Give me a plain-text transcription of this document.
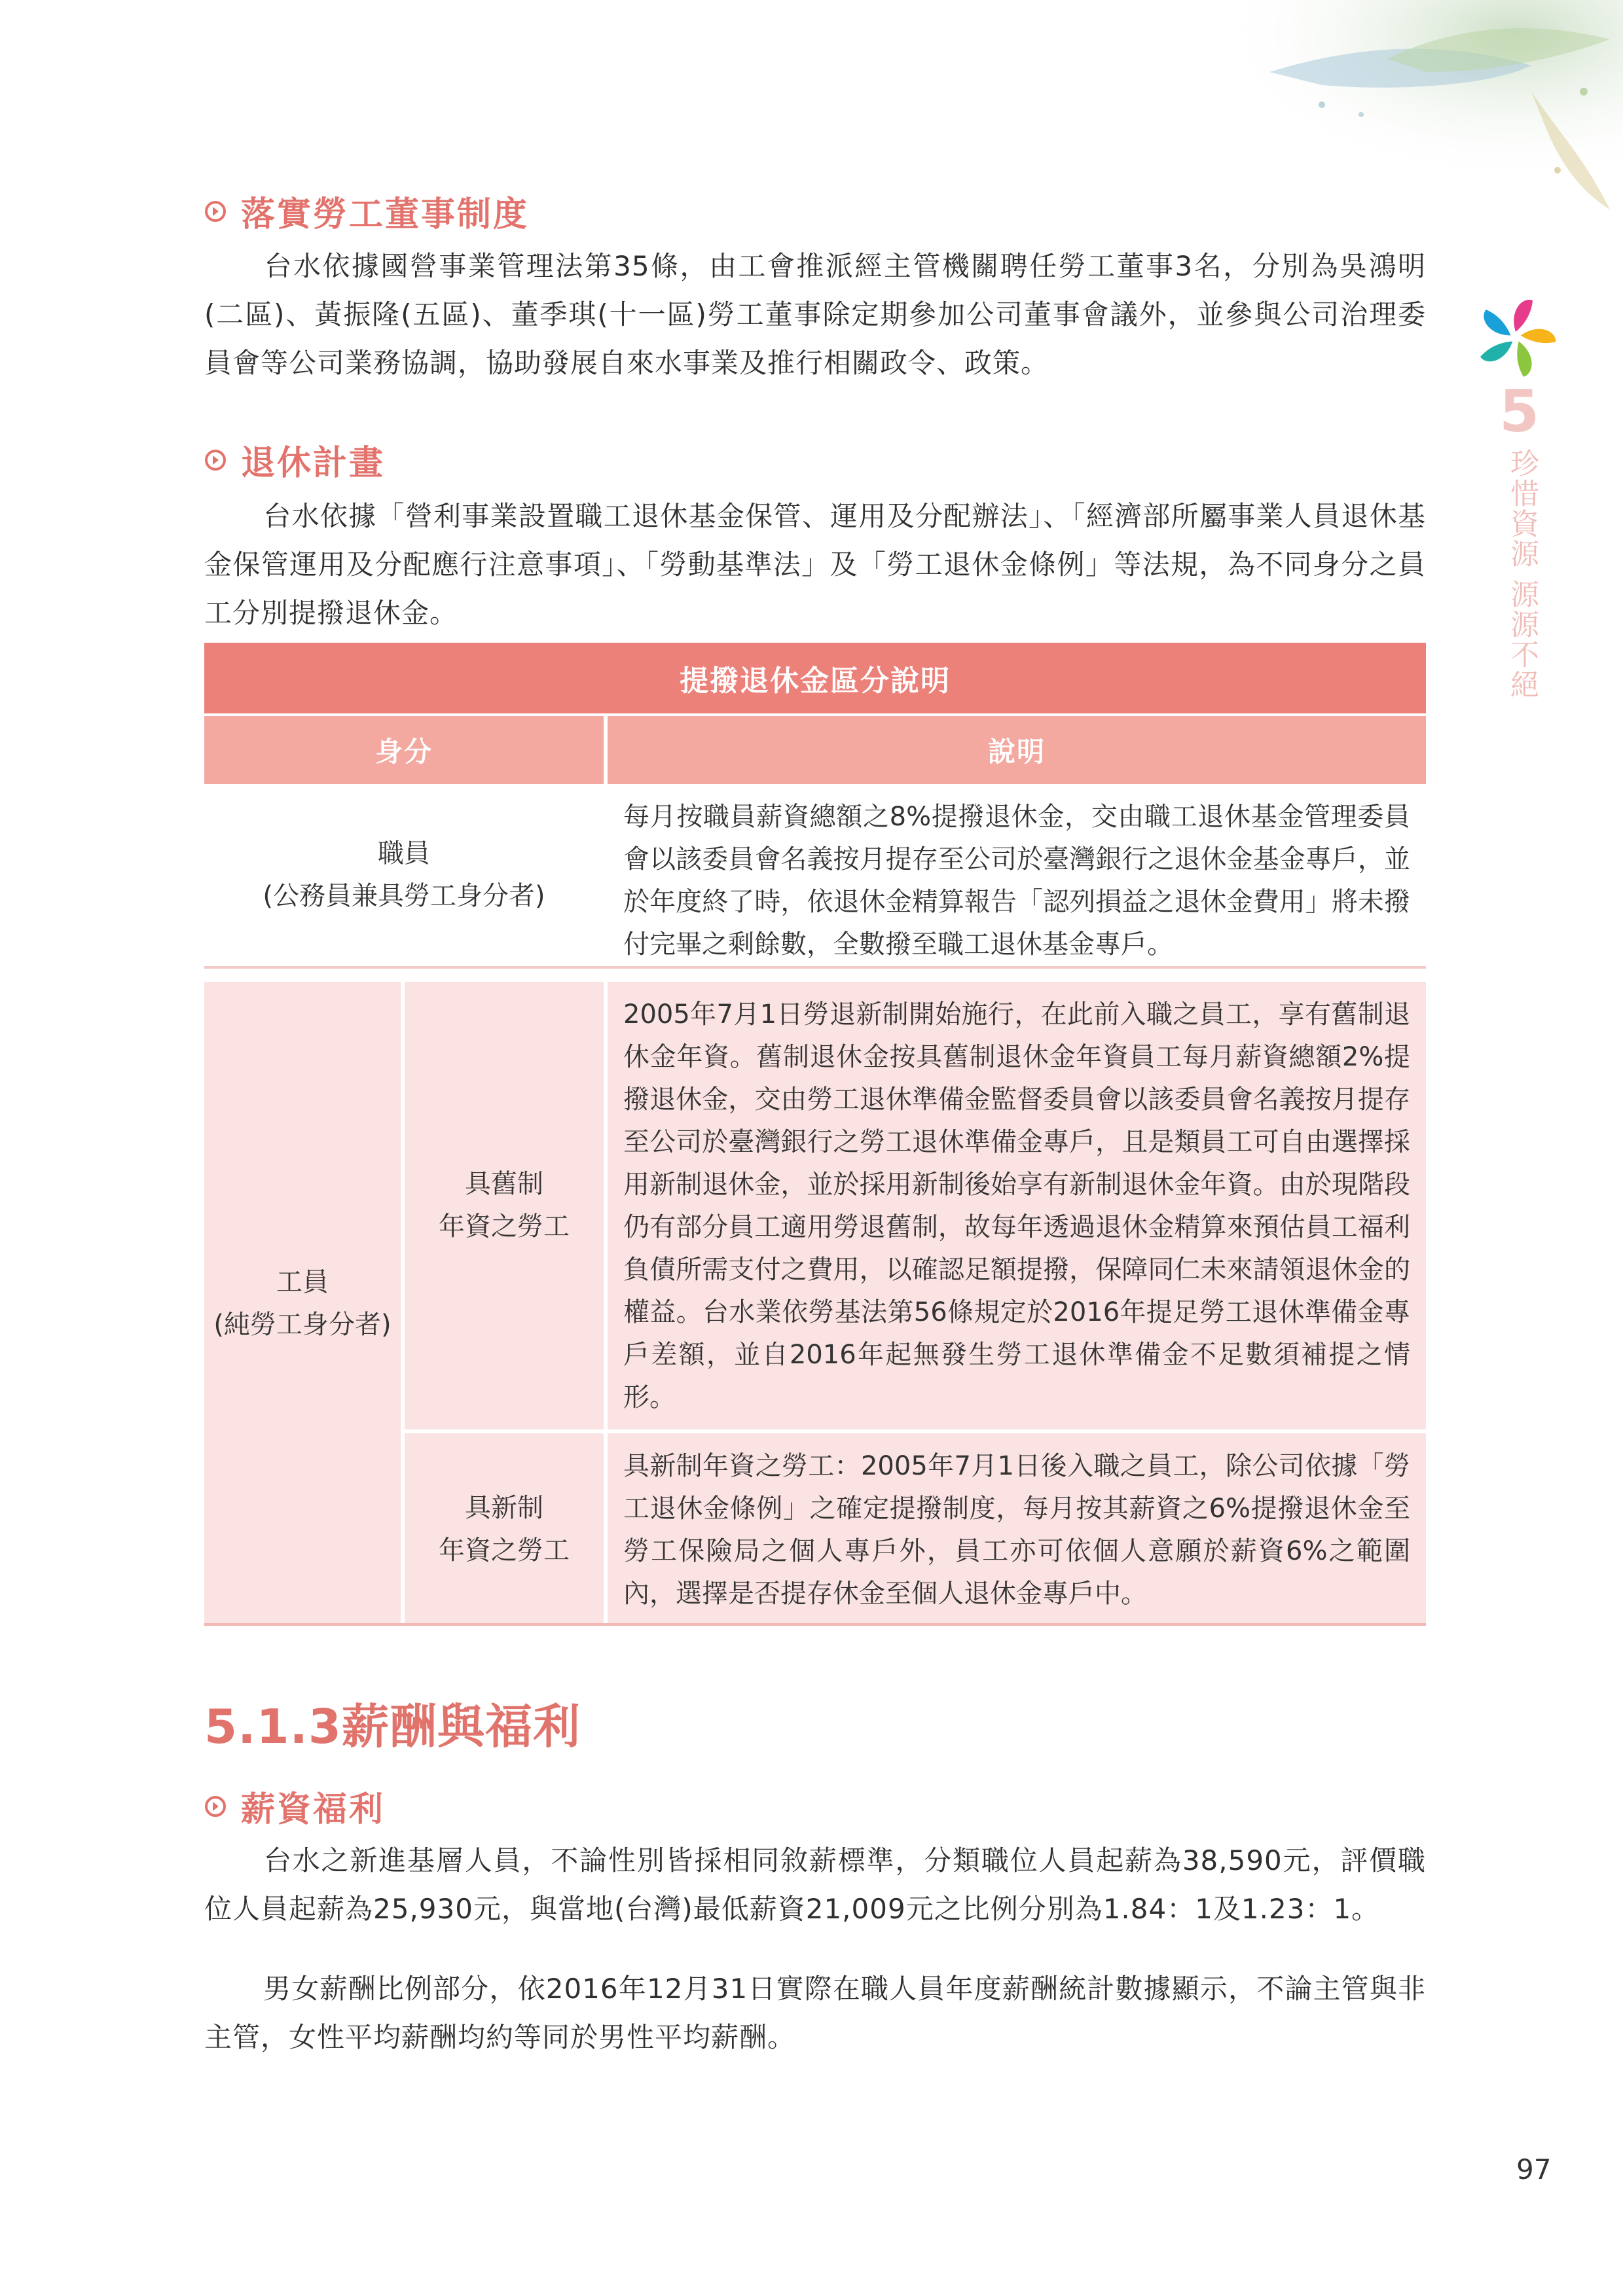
5
珍惜資源 源源不絕
落實勞工董事制度
台水依據國營事業管理法第35條，由工會推派經主管機關聘任勞工董事3名，分別為吳鴻明(二區)、黃振隆(五區)、董季琪(十一區)勞工董事除定期參加公司董事會議外，並參與公司治理委員會等公司業務協調，協助發展自來水事業及推行相關政令、政策。
退休計畫
台水依據「營利事業設置職工退休基金保管、運用及分配辦法」、「經濟部所屬事業人員退休基金保管運用及分配應行注意事項」、「勞動基準法」及「勞工退休金條例」等法規，為不同身分之員工分別提撥退休金。
提撥退休金區分說明
身分	說明
職員
(公務員兼具勞工身分者)
每月按職員薪資總額之8%提撥退休金，交由職工退休基金管理委員會以該委員會名義按月提存至公司於臺灣銀行之退休金基金專戶，並於年度終了時，依退休金精算報告「認列損益之退休金費用」將未撥付完畢之剩餘數，全數撥至職工退休基金專戶。
工員
(純勞工身分者)
具舊制
年資之勞工
2005年7月1日勞退新制開始施行，在此前入職之員工，享有舊制退休金年資。舊制退休金按具舊制退休金年資員工每月薪資總額2%提撥退休金，交由勞工退休準備金監督委員會以該委員會名義按月提存至公司於臺灣銀行之勞工退休準備金專戶，且是類員工可自由選擇採用新制退休金，並於採用新制後始享有新制退休金年資。由於現階段仍有部分員工適用勞退舊制，故每年透過退休金精算來預估員工福利負債所需支付之費用，以確認足額提撥，保障同仁未來請領退休金的權益。台水業依勞基法第56條規定於2016年提足勞工退休準備金專戶差額，並自2016年起無發生勞工退休準備金不足數須補提之情形。
具新制
年資之勞工
具新制年資之勞工：2005年7月1日後入職之員工，除公司依據「勞工退休金條例」之確定提撥制度，每月按其薪資之6%提撥退休金至勞工保險局之個人專戶外，員工亦可依個人意願於薪資6%之範圍內，選擇是否提存休金至個人退休金專戶中。
5.1.3薪酬與福利
薪資福利
台水之新進基層人員，不論性別皆採相同敘薪標準，分類職位人員起薪為38,590元，評價職位人員起薪為25,930元，與當地(台灣)最低薪資21,009元之比例分別為1.84：1及1.23：1。
男女薪酬比例部分，依2016年12月31日實際在職人員年度薪酬統計數據顯示，不論主管與非主管，女性平均薪酬均約等同於男性平均薪酬。
97
